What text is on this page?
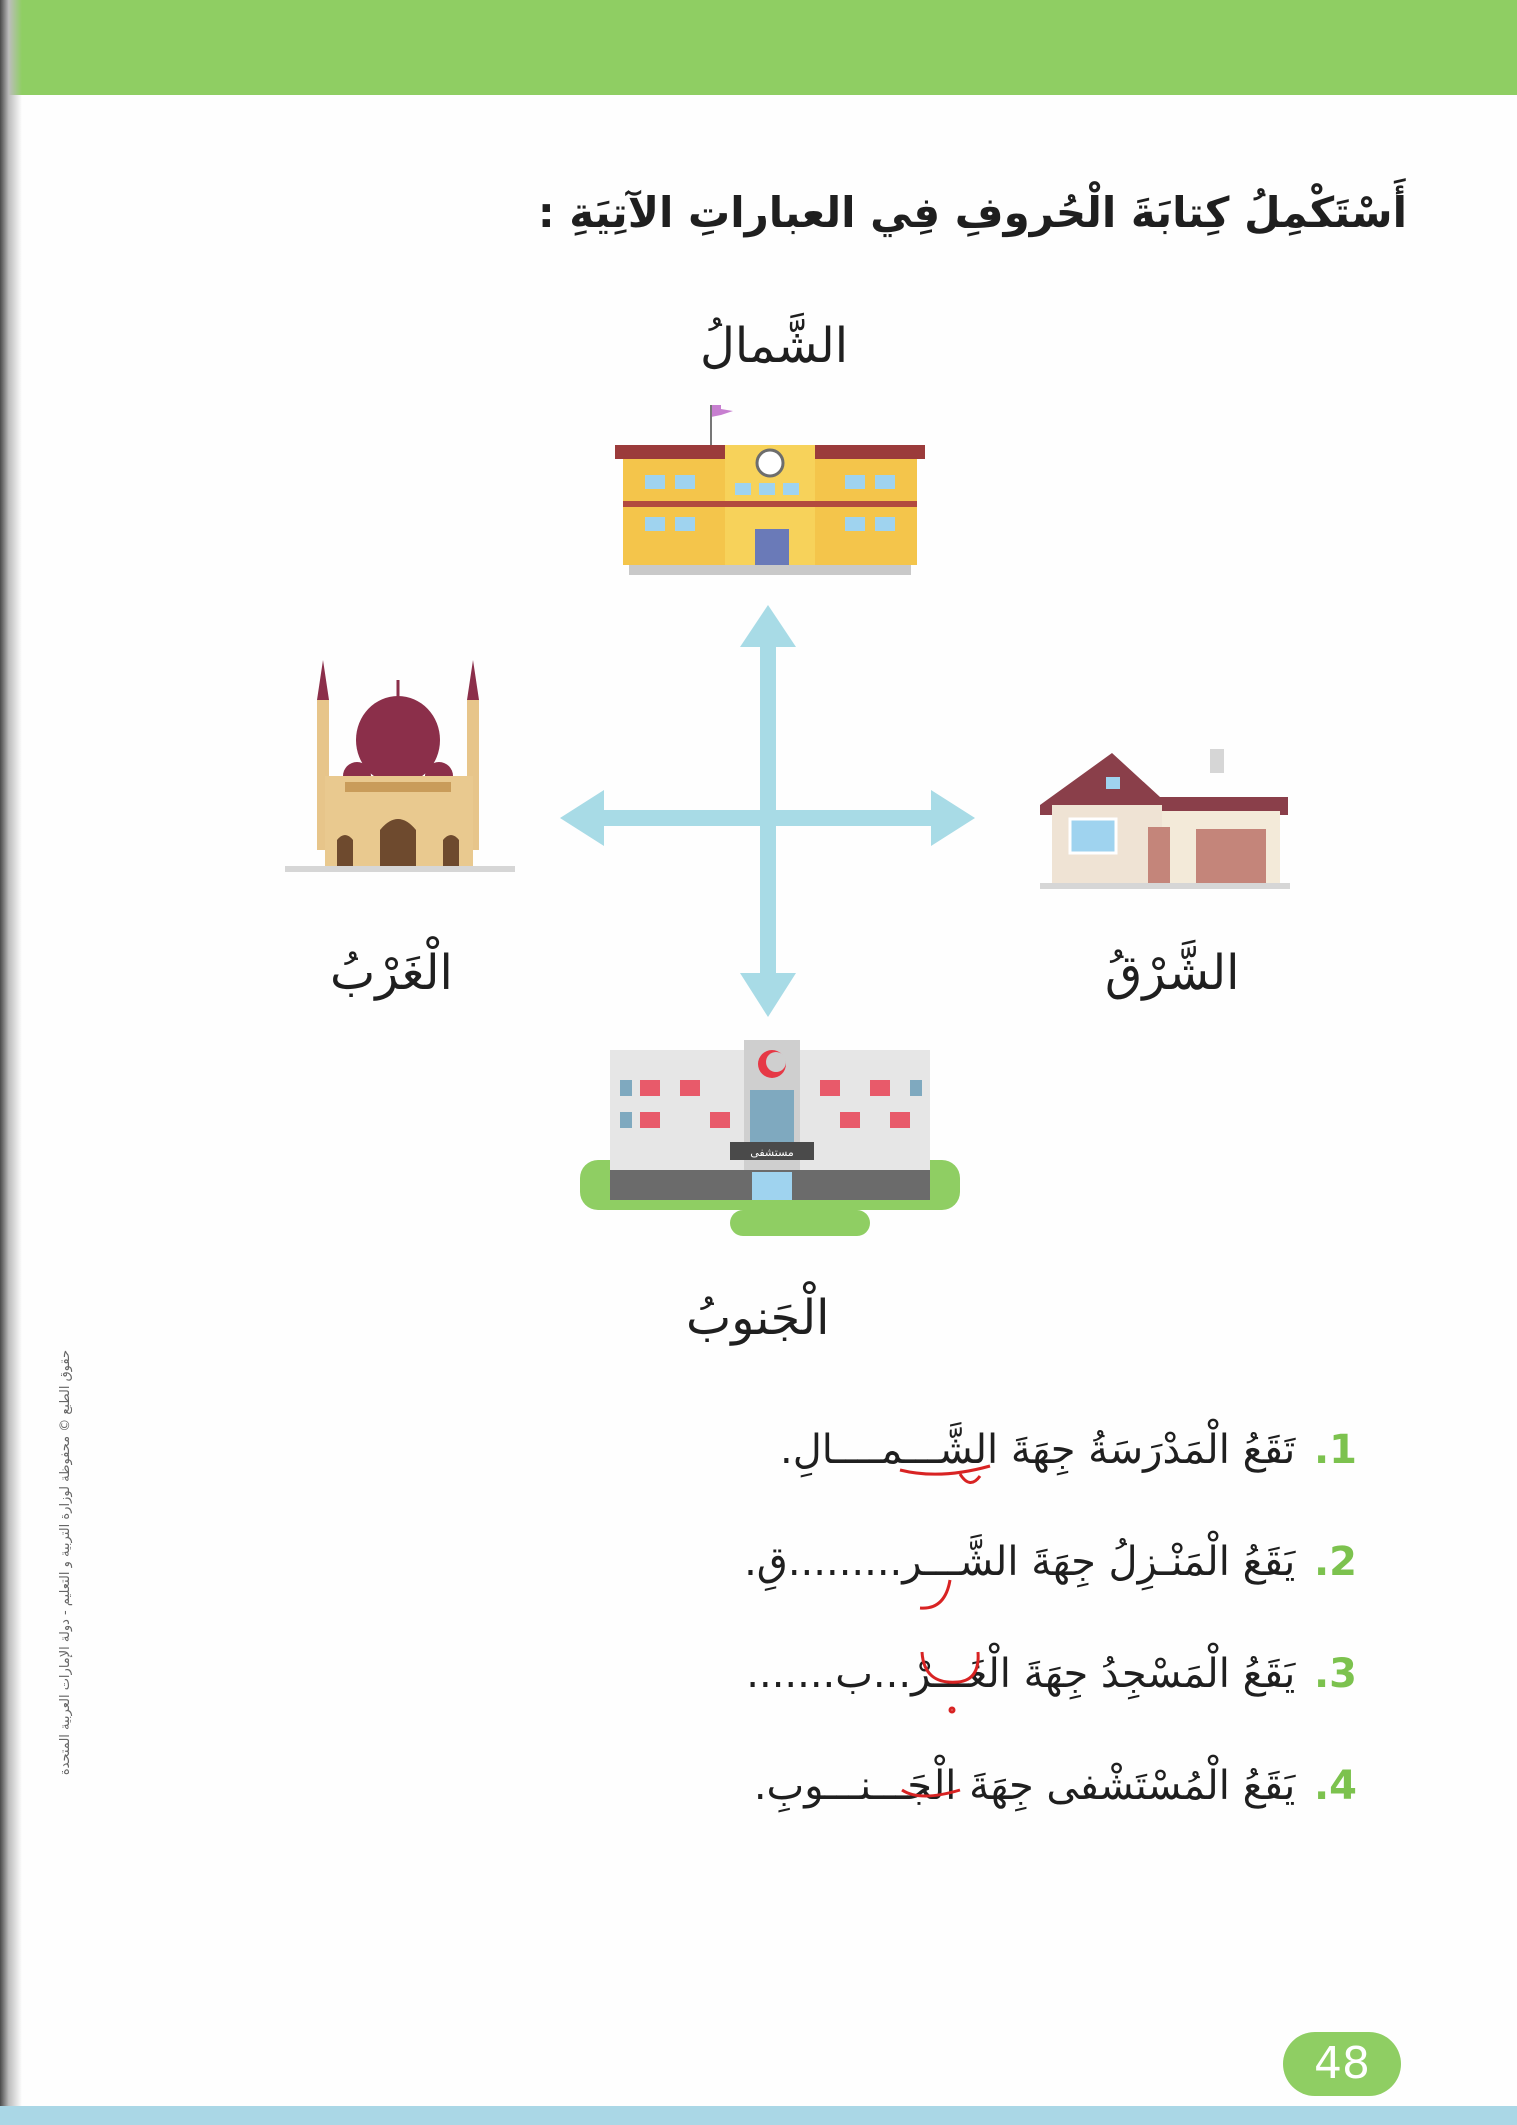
أَسْتَكْمِلُ كِتابَةَ الْحُروفِ فِي العباراتِ الآتِيَةِ :
الشَّمالُ
الْغَرْبُ	الشَّرْقُ
الْجَنوبُ
مستشفى
1. تَقَعُ الْمَدْرَسَةُ جِهَةَ الشَّـــمــــالِ.
2. يَقَعُ الْمَنْـزِلُ جِهَةَ الشَّـــر.........قِ.
3. يَقَعُ الْمَسْجِدُ جِهَةَ الْغَـــرْ...ب.......
4. يَقَعُ الْمُسْتَشْفى جِهَةَ الْجَـــنـــوبِ.
حقوق الطبع © محفوظة لوزارة التربية و التعليم - دولة الإمارات العربية المتحدة
48
